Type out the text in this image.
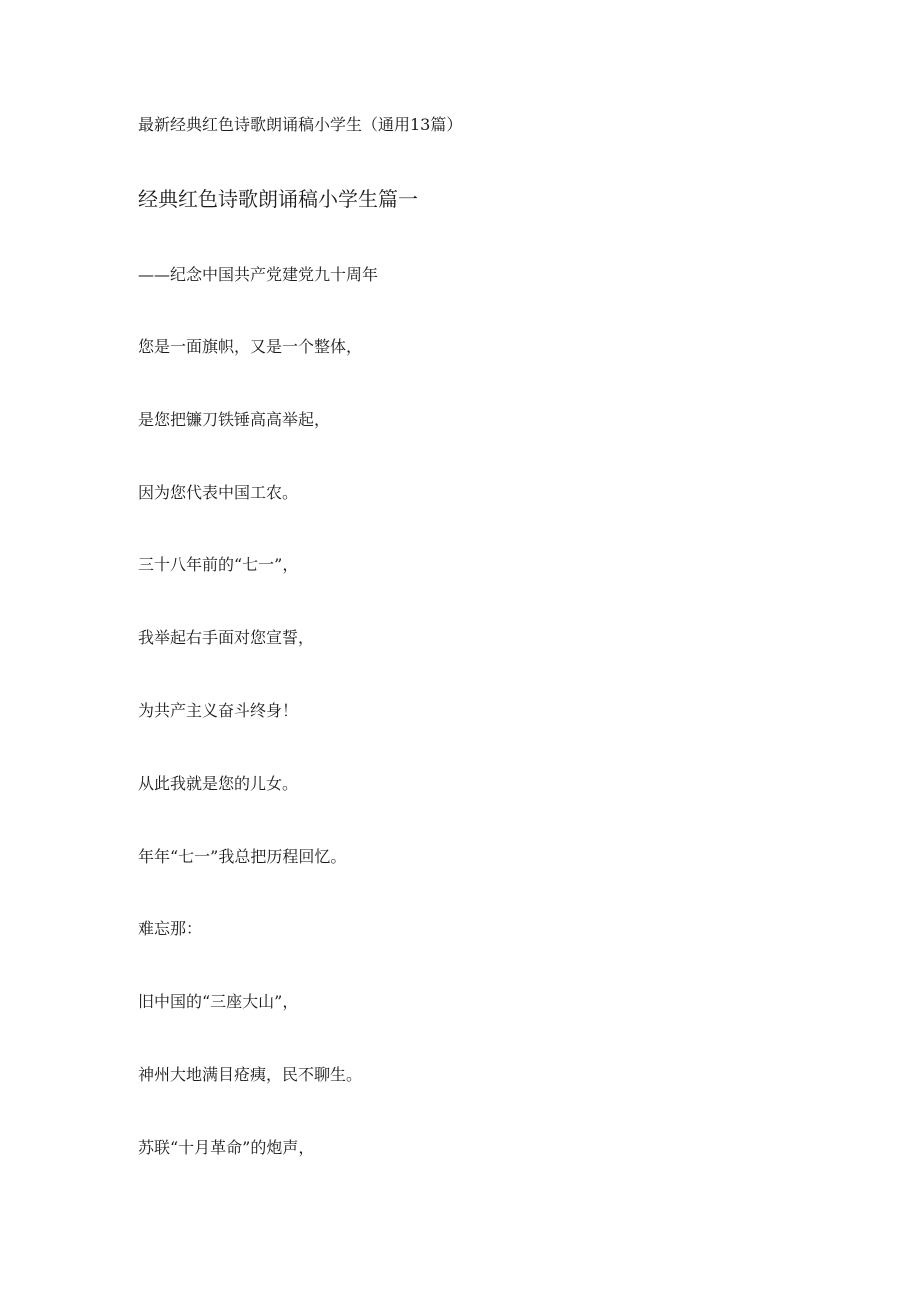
最新经典红色诗歌朗诵稿小学生（通用13篇）
经典红色诗歌朗诵稿小学生篇一

——纪念中国共产党建党九十周年

您是一面旗帜，又是一个整体，
是您把镰刀铁锤高高举起，
因为您代表中国工农。
三十八年前的“七一”，
我举起右手面对您宣誓，
为共产主义奋斗终身！
从此我就是您的儿女。
年年“七一”我总把历程回忆。
难忘那：
旧中国的“三座大山”，
神州大地满目疮痍，民不聊生。
苏联“十月革命”的炮声，
